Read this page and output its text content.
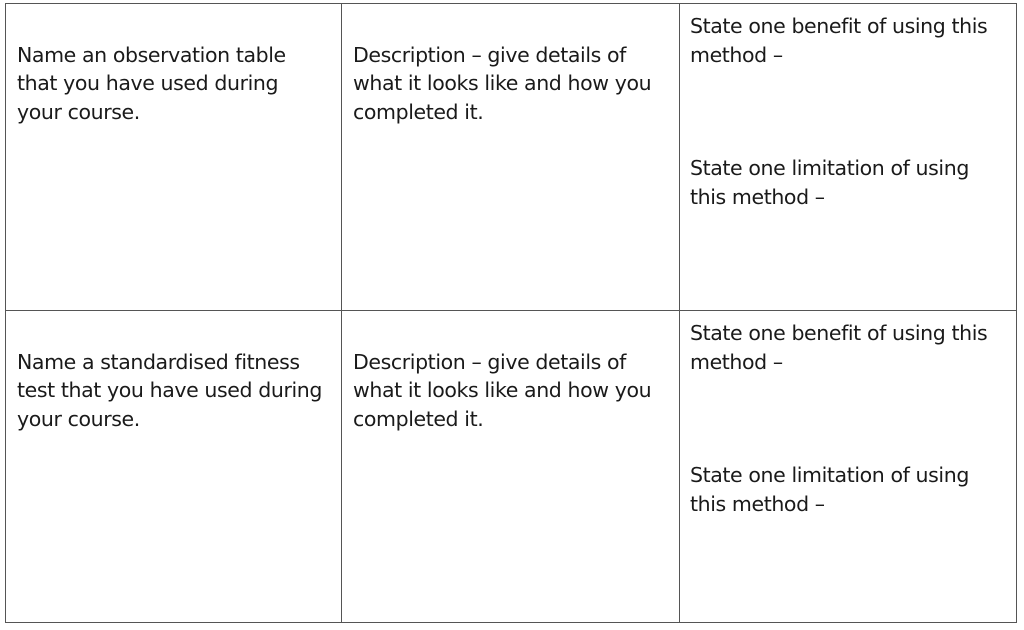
Name an observation table
that you have used during
your course.

Description – give details of
what it looks like and how you
completed it.

State one benefit of using this
method –
State one limitation of using
this method –

Name a standardised fitness
test that you have used during
your course.

Description – give details of
what it looks like and how you
completed it.

State one benefit of using this
method –
State one limitation of using
this method –
